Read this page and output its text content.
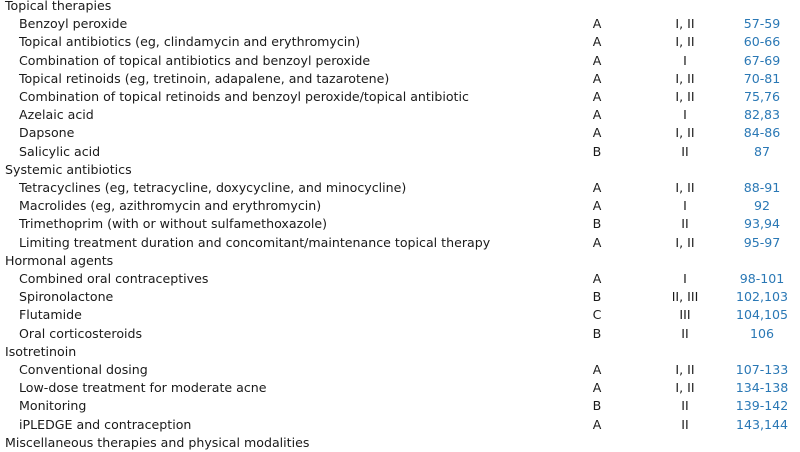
Topical therapies
Benzoyl peroxide	A	I, II	57-59
Topical antibiotics (eg, clindamycin and erythromycin)	A	I, II	60-66
Combination of topical antibiotics and benzoyl peroxide	A	I	67-69
Topical retinoids (eg, tretinoin, adapalene, and tazarotene)	A	I, II	70-81
Combination of topical retinoids and benzoyl peroxide/topical antibiotic	A	I, II	75,76
Azelaic acid	A	I	82,83
Dapsone	A	I, II	84-86
Salicylic acid	B	II	87
Systemic antibiotics
Tetracyclines (eg, tetracycline, doxycycline, and minocycline)	A	I, II	88-91
Macrolides (eg, azithromycin and erythromycin)	A	I	92
Trimethoprim (with or without sulfamethoxazole)	B	II	93,94
Limiting treatment duration and concomitant/maintenance topical therapy	A	I, II	95-97
Hormonal agents
Combined oral contraceptives	A	I	98-101
Spironolactone	B	II, III	102,103
Flutamide	C	III	104,105
Oral corticosteroids	B	II	106
Isotretinoin
Conventional dosing	A	I, II	107-133
Low-dose treatment for moderate acne	A	I, II	134-138
Monitoring	B	II	139-142
iPLEDGE and contraception	A	II	143,144
Miscellaneous therapies and physical modalities
